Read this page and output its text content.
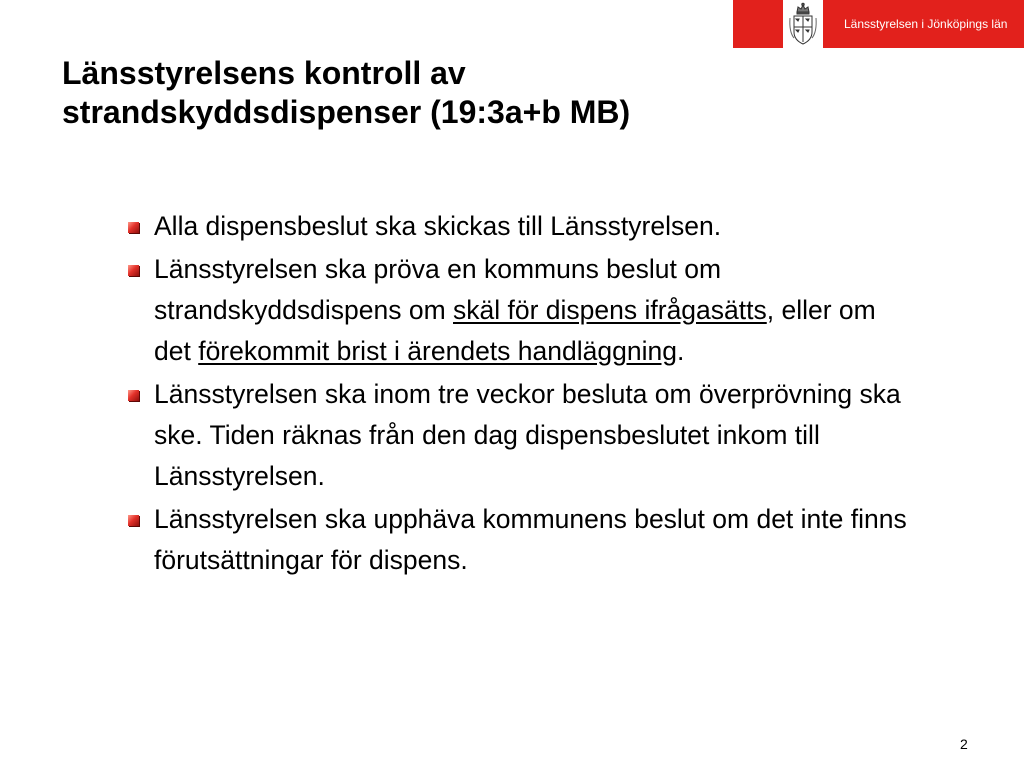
Länsstyrelsen i Jönköpings län
Länsstyrelsens kontroll av strandskyddsdispenser (19:3a+b MB)
Alla dispensbeslut ska skickas till Länsstyrelsen.
Länsstyrelsen ska pröva en kommuns beslut om strandskyddsdispens om skäl för dispens ifrågasätts, eller om det förekommit brist i ärendets handläggning.
Länsstyrelsen ska inom tre veckor besluta om överprövning ska ske. Tiden räknas från den dag dispensbeslutet inkom till Länsstyrelsen.
Länsstyrelsen ska upphäva kommunens beslut om det inte finns förutsättningar för dispens.
2
